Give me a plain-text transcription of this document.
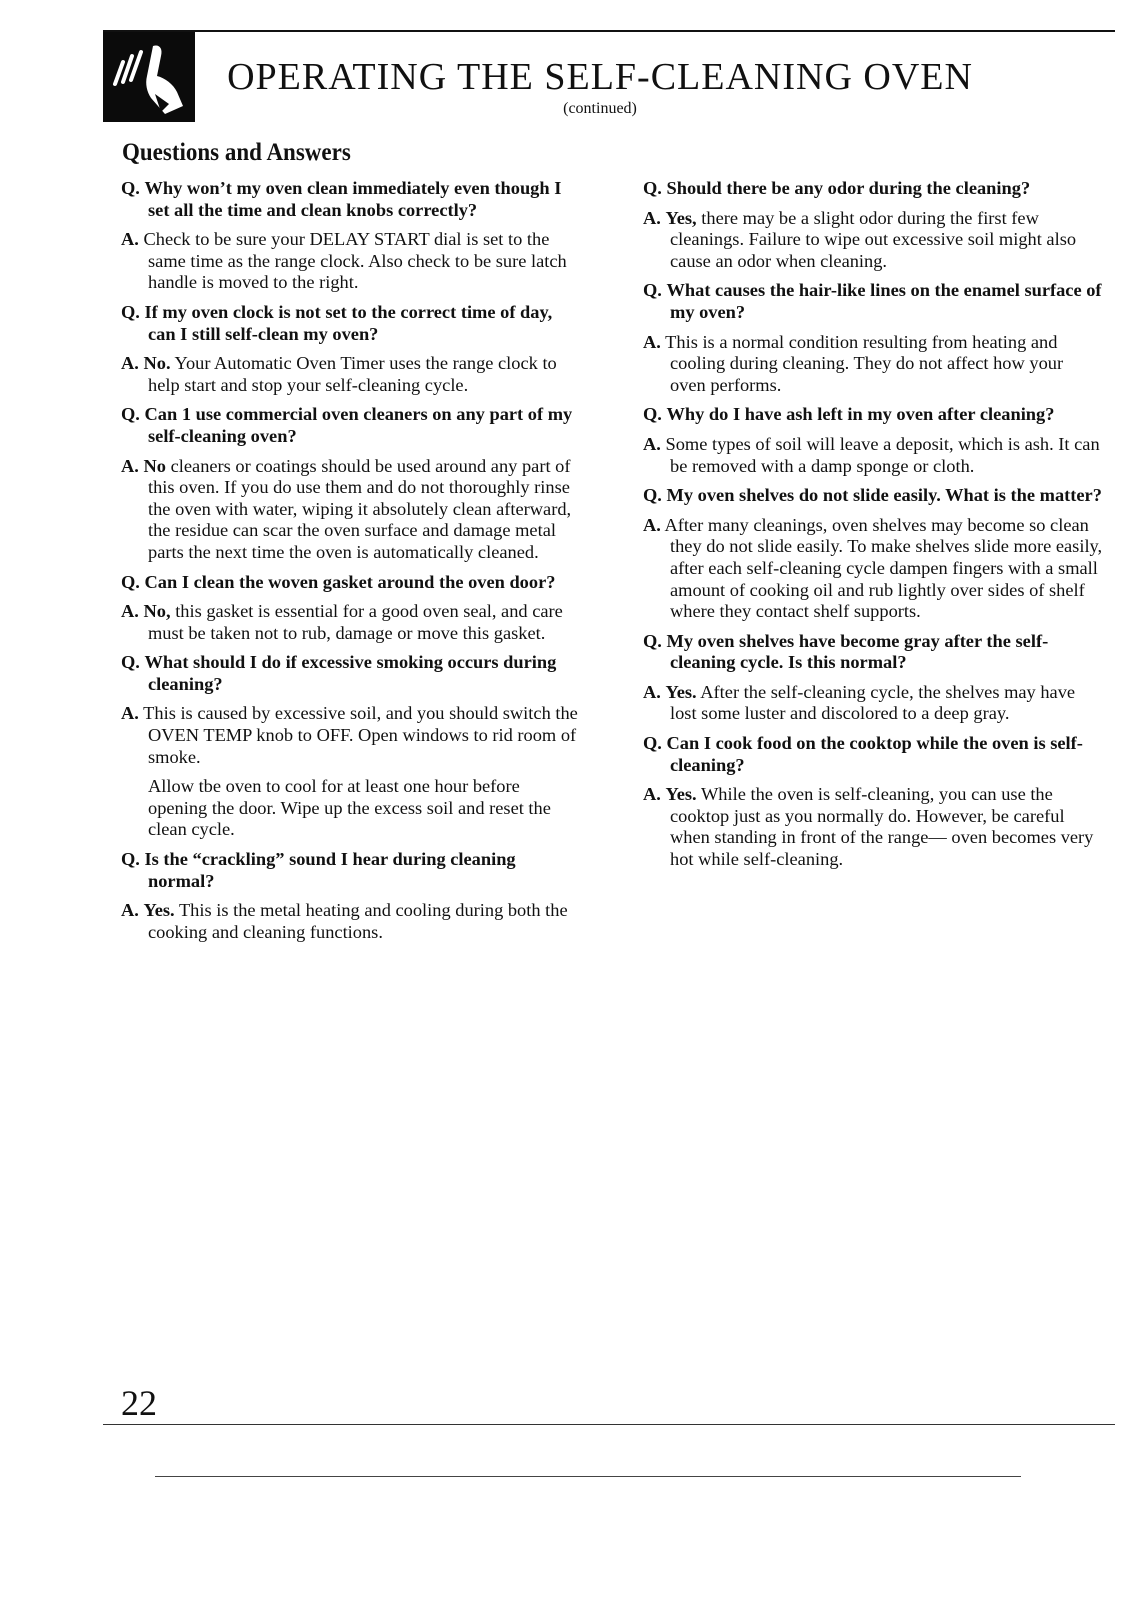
OPERATING THE SELF-CLEANING OVEN
(continued)
Questions and Answers

Q. Why won’t my oven clean immediately even though I set all the time and clean knobs correctly?

A. Check to be sure your DELAY START dial is set to the same time as the range clock. Also check to be sure latch handle is moved to the right.

Q. If my oven clock is not set to the correct time of day, can I still self-clean my oven?

A. No. Your Automatic Oven Timer uses the range clock to help start and stop your self-cleaning cycle.

Q. Can 1 use commercial oven cleaners on any part of my self-cleaning oven?

A. No cleaners or coatings should be used around any part of this oven. If you do use them and do not thoroughly rinse the oven with water, wiping it absolutely clean afterward, the residue can scar the oven surface and damage metal parts the next time the oven is automatically cleaned.

Q. Can I clean the woven gasket around the oven door?

A. No, this gasket is essential for a good oven seal, and care must be taken not to rub, damage or move this gasket.

Q. What should I do if excessive smoking occurs during cleaning?

A. This is caused by excessive soil, and you should switch the OVEN TEMP knob to OFF. Open windows to rid room of smoke.

Allow tbe oven to cool for at least one hour before opening the door. Wipe up the excess soil and reset the clean cycle.

Q. Is the “crackling” sound I hear during cleaning normal?

A. Yes. This is the metal heating and cooling during both the cooking and cleaning functions.

Q. Should there be any odor during the cleaning?

A. Yes, there may be a slight odor during the first few cleanings. Failure to wipe out excessive soil might also cause an odor when cleaning.

Q. What causes the hair-like lines on the enamel surface of my oven?

A. This is a normal condition resulting from heating and cooling during cleaning. They do not affect how your oven performs.

Q. Why do I have ash left in my oven after cleaning?

A. Some types of soil will leave a deposit, which is ash. It can be removed with a damp sponge or cloth.

Q. My oven shelves do not slide easily. What is the matter?

A. After many cleanings, oven shelves may become so clean they do not slide easily. To make shelves slide more easily, after each self-cleaning cycle dampen fingers with a small amount of cooking oil and rub lightly over sides of shelf where they contact shelf supports.

Q. My oven shelves have become gray after the self-cleaning cycle. Is this normal?

A. Yes. After the self-cleaning cycle, the shelves may have lost some luster and discolored to a deep gray.

Q. Can I cook food on the cooktop while the oven is self-cleaning?

A. Yes. While the oven is self-cleaning, you can use the cooktop just as you normally do. However, be careful when standing in front of the range— oven becomes very hot while self-cleaning.

22
